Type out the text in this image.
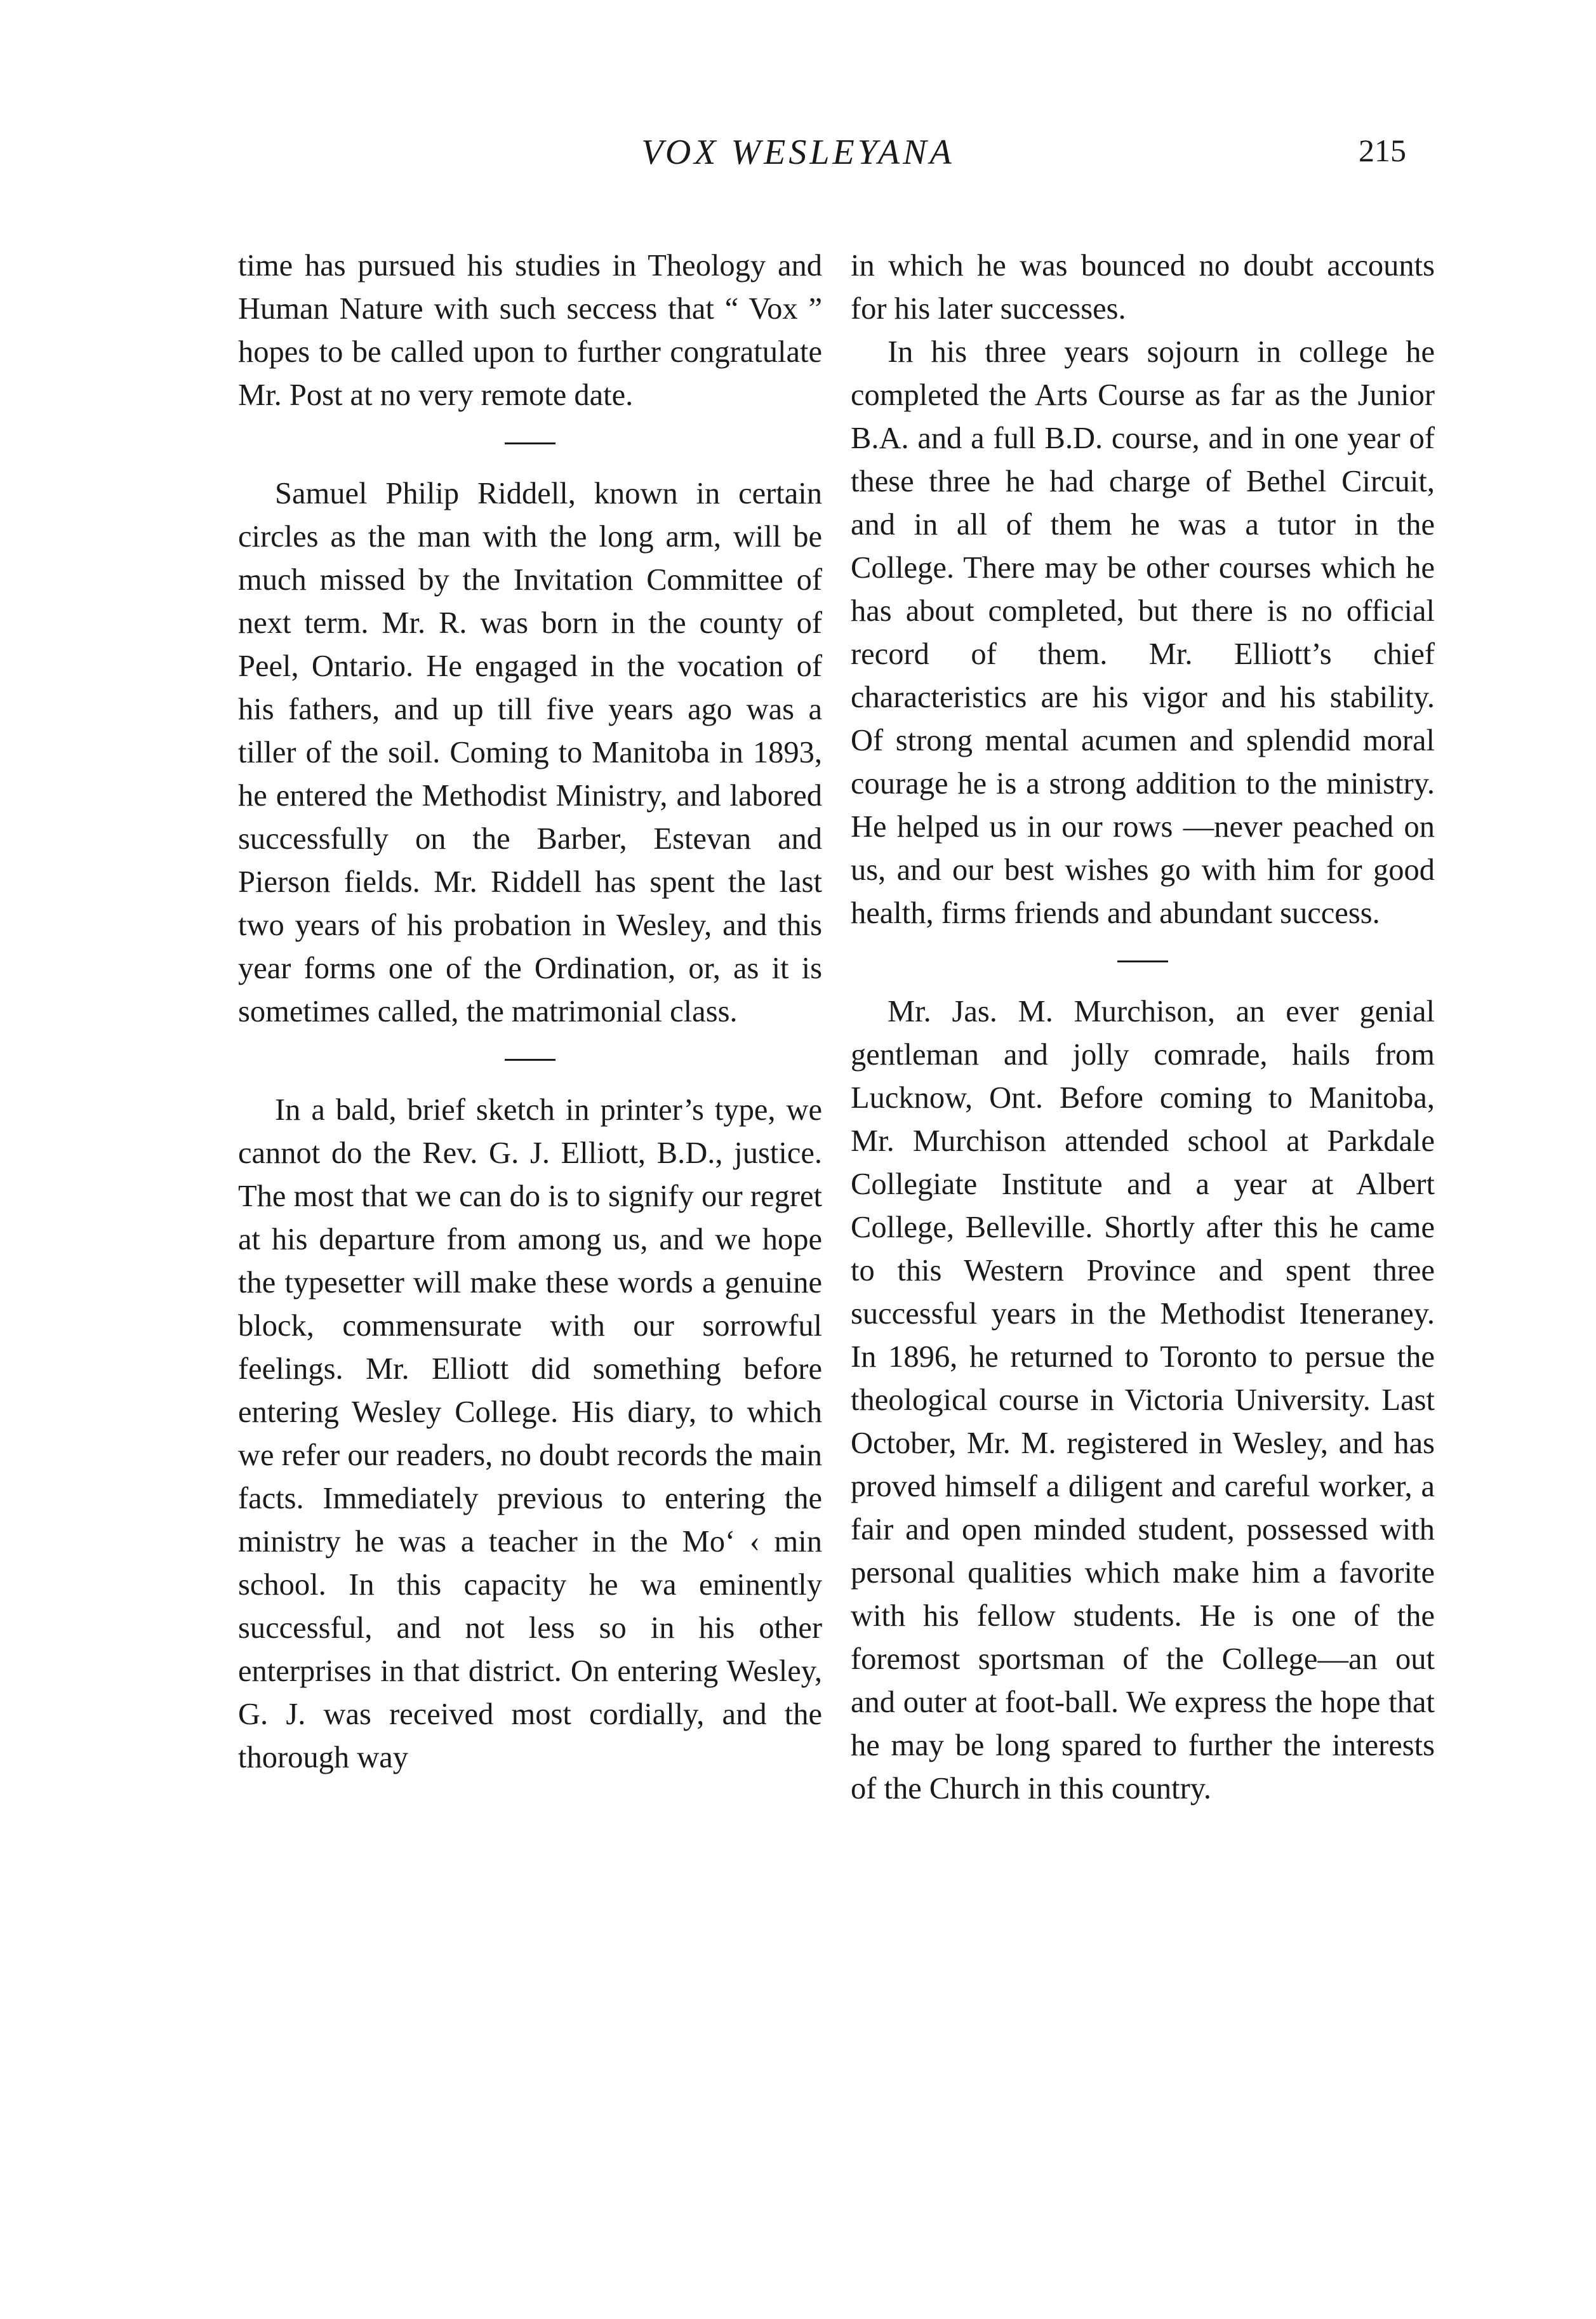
VOX WESLEYANA	215

time has pursued his studies in Theology and Human Nature with such seccess that “ Vox ” hopes to be called upon to further congratulate Mr. Post at no very remote date.

Samuel Philip Riddell, known in certain circles as the man with the long arm, will be much missed by the Invitation Committee of next term. Mr. R. was born in the county of Peel, Ontario. He engaged in the vocation of his fathers, and up till five years ago was a tiller of the soil. Coming to Manitoba in 1893, he entered the Methodist Ministry, and labored successfully on the Barber, Estevan and Pierson fields. Mr. Riddell has spent the last two years of his probation in Wesley, and this year forms one of the Ordination, or, as it is sometimes called, the matrimonial class.

In a bald, brief sketch in printer’s type, we cannot do the Rev. G. J. Elliott, B.D., justice. The most that we can do is to signify our regret at his departure from among us, and we hope the typesetter will make these words a genuine block, commensurate with our sorrowful feelings. Mr. Elliott did something before entering Wesley College. His diary, to which we refer our readers, no doubt records the main facts. Immediately previous to entering the ministry he was a teacher in the Mo‘ ‹ min school. In this capacity he wa eminently successful, and not less so in his other enterprises in that district. On entering Wesley, G. J. was received most cordially, and the thorough way

in which he was bounced no doubt accounts for his later successes.

In his three years sojourn in college he completed the Arts Course as far as the Junior B.A. and a full B.D. course, and in one year of these three he had charge of Bethel Circuit, and in all of them he was a tutor in the College. There may be other courses which he has about completed, but there is no official record of them. Mr. Elliott’s chief characteristics are his vigor and his stability. Of strong mental acumen and splendid moral courage he is a strong addition to the ministry. He helped us in our rows —never peached on us, and our best wishes go with him for good health, firms friends and abundant success.

Mr. Jas. M. Murchison, an ever genial gentleman and jolly comrade, hails from Lucknow, Ont. Before coming to Manitoba, Mr. Murchison attended school at Parkdale Collegiate Institute and a year at Albert College, Belleville. Shortly after this he came to this Western Province and spent three successful years in the Methodist Iteneraney. In 1896, he returned to Toronto to persue the theological course in Victoria University. Last October, Mr. M. registered in Wesley, and has proved himself a diligent and careful worker, a fair and open minded student, possessed with personal qualities which make him a favorite with his fellow students. He is one of the foremost sportsman of the College—an out and outer at foot-ball. We express the hope that he may be long spared to further the interests of the Church in this country.
